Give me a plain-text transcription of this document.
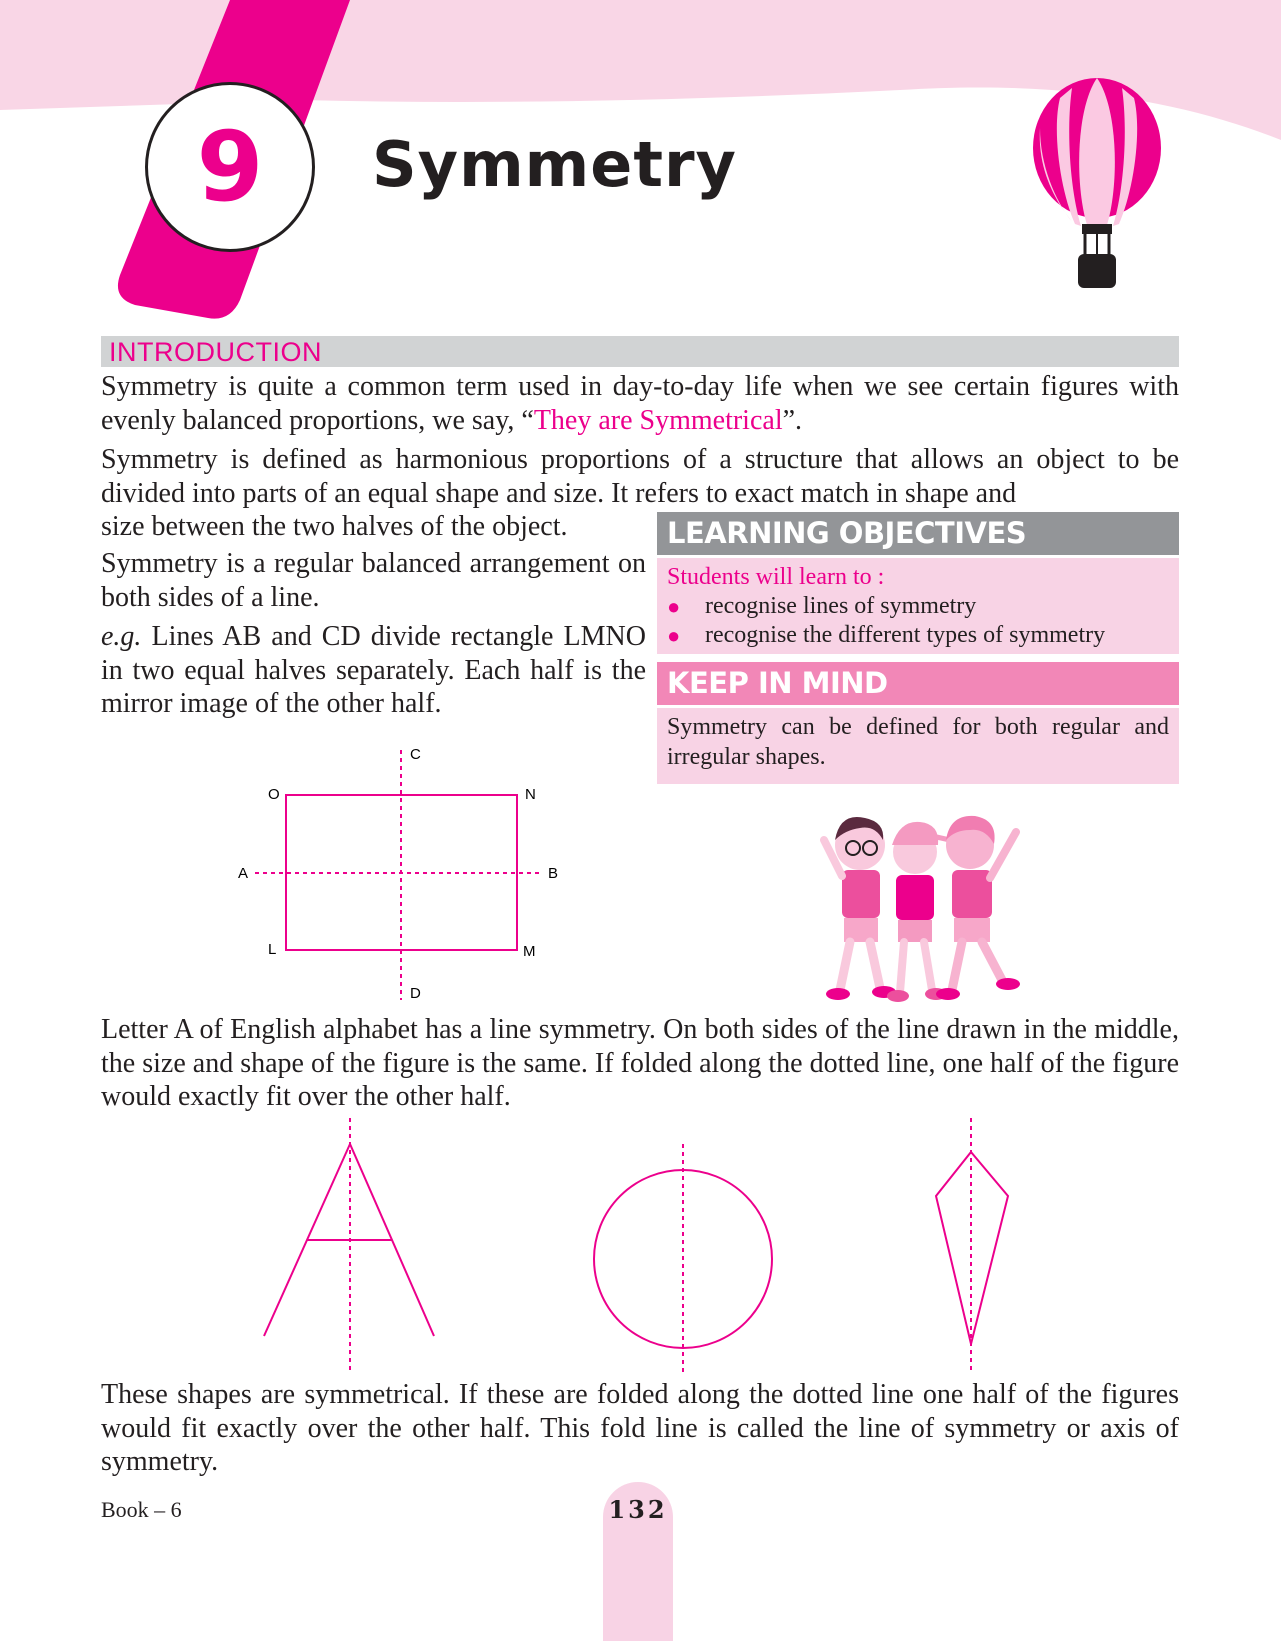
9 Symmetry
INTRODUCTION

Symmetry is quite a common term used in day-to-day life when we see certain figures with evenly balanced proportions, we say, “They are Symmetrical”.

Symmetry is defined as harmonious proportions of a structure that allows an object to be divided into parts of an equal shape and size. It refers to exact match in shape and

size between the two halves of the object.

Symmetry is a regular balanced arrangement on both sides of a line.

e.g. Lines AB and CD divide rectangle LMNO in two equal halves separately. Each half is the mirror image of the other half.

LEARNING OBJECTIVES
Students will learn to :
● recognise lines of symmetry
● recognise the different types of symmetry
KEEP IN MIND
Symmetry can be defined for both regular and irregular shapes.
C
D
O	N
A	B
L	M

Letter A of English alphabet has a line symmetry. On both sides of the line drawn in the middle, the size and shape of the figure is the same. If folded along the dotted line, one half of the figure would exactly fit over the other half.

These shapes are symmetrical. If these are folded along the dotted line one half of the figures would fit exactly over the other half. This fold line is called the line of symmetry or axis of symmetry.

Book – 6	132
